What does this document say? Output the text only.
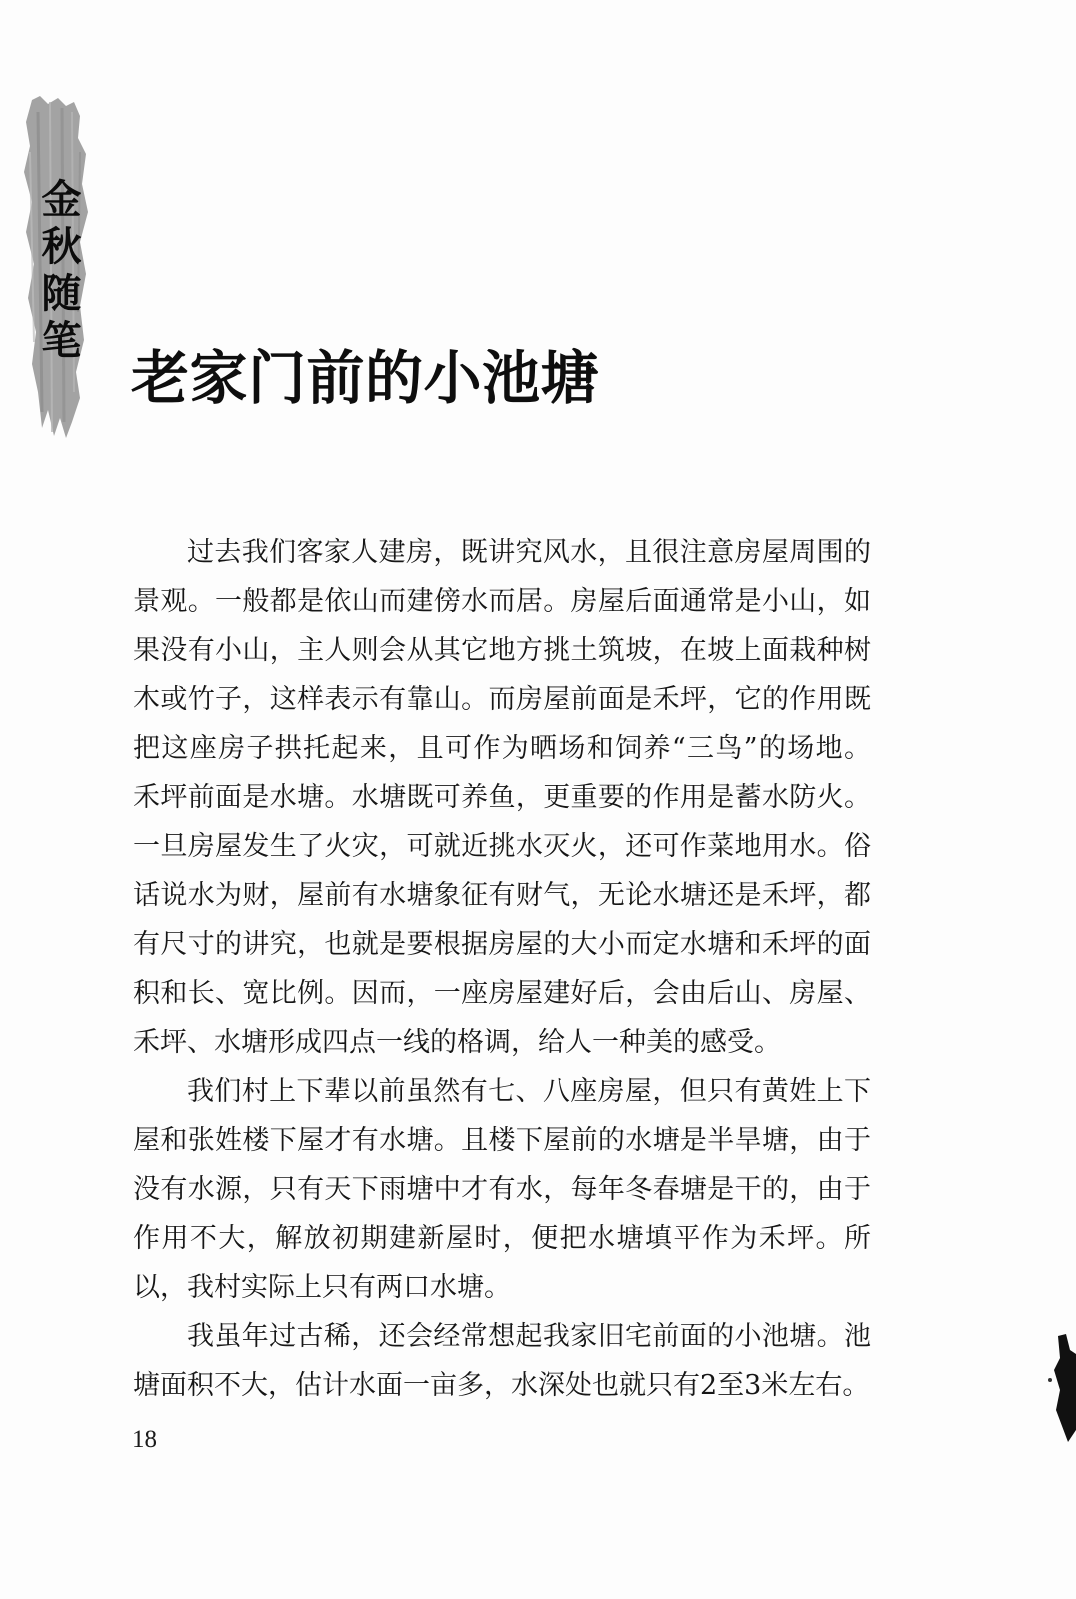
金秋随笔
老家门前的小池塘
过去我们客家人建房，既讲究风水，且很注意房屋周围的
景观。一般都是依山而建傍水而居。房屋后面通常是小山，如
果没有小山，主人则会从其它地方挑土筑坡，在坡上面栽种树
木或竹子，这样表示有靠山。而房屋前面是禾坪，它的作用既
把这座房子拱托起来，且可作为晒场和饲养“三鸟”的场地。
禾坪前面是水塘。水塘既可养鱼，更重要的作用是蓄水防火。
一旦房屋发生了火灾，可就近挑水灭火，还可作菜地用水。俗
话说水为财，屋前有水塘象征有财气，无论水塘还是禾坪，都
有尺寸的讲究，也就是要根据房屋的大小而定水塘和禾坪的面
积和长、宽比例。因而，一座房屋建好后，会由后山、房屋、
禾坪、水塘形成四点一线的格调，给人一种美的感受。
我们村上下辈以前虽然有七、八座房屋，但只有黄姓上下
屋和张姓楼下屋才有水塘。且楼下屋前的水塘是半旱塘，由于
没有水源，只有天下雨塘中才有水，每年冬春塘是干的，由于
作用不大，解放初期建新屋时，便把水塘填平作为禾坪。所
以，我村实际上只有两口水塘。
我虽年过古稀，还会经常想起我家旧宅前面的小池塘。池
塘面积不大，估计水面一亩多，水深处也就只有2至3米左右。
18
